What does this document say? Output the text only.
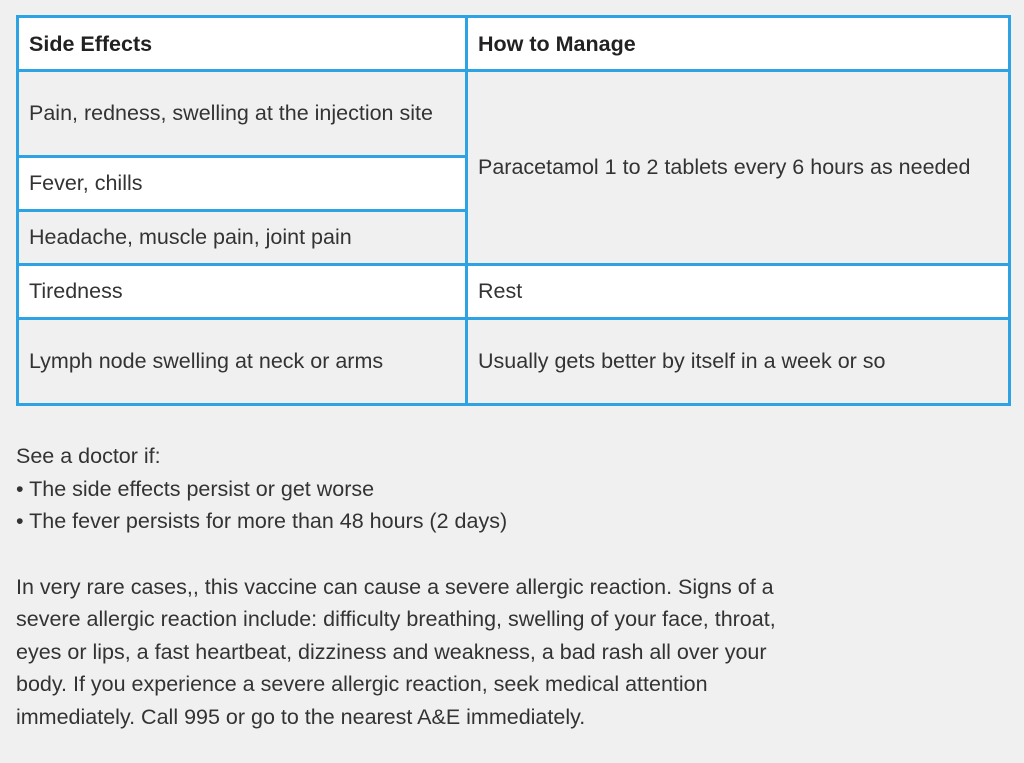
Side Effects	How to Manage
Pain, redness, swelling at the injection site	Paracetamol 1 to 2 tablets every 6 hours as needed
Fever, chills	
Headache, muscle pain, joint pain	
Tiredness	Rest
Lymph node swelling at neck or arms	Usually gets better by itself in a week or so

See a doctor if:

• The side effects persist or get worse

• The fever persists for more than 48 hours (2 days)

In very rare cases,, this vaccine can cause a severe allergic reaction. Signs of a severe allergic reaction include: difficulty breathing, swelling of your face, throat, eyes or lips, a fast heartbeat, dizziness and weakness, a bad rash all over your body. If you experience a severe allergic reaction, seek medical attention immediately. Call 995 or go to the nearest A&E immediately.
